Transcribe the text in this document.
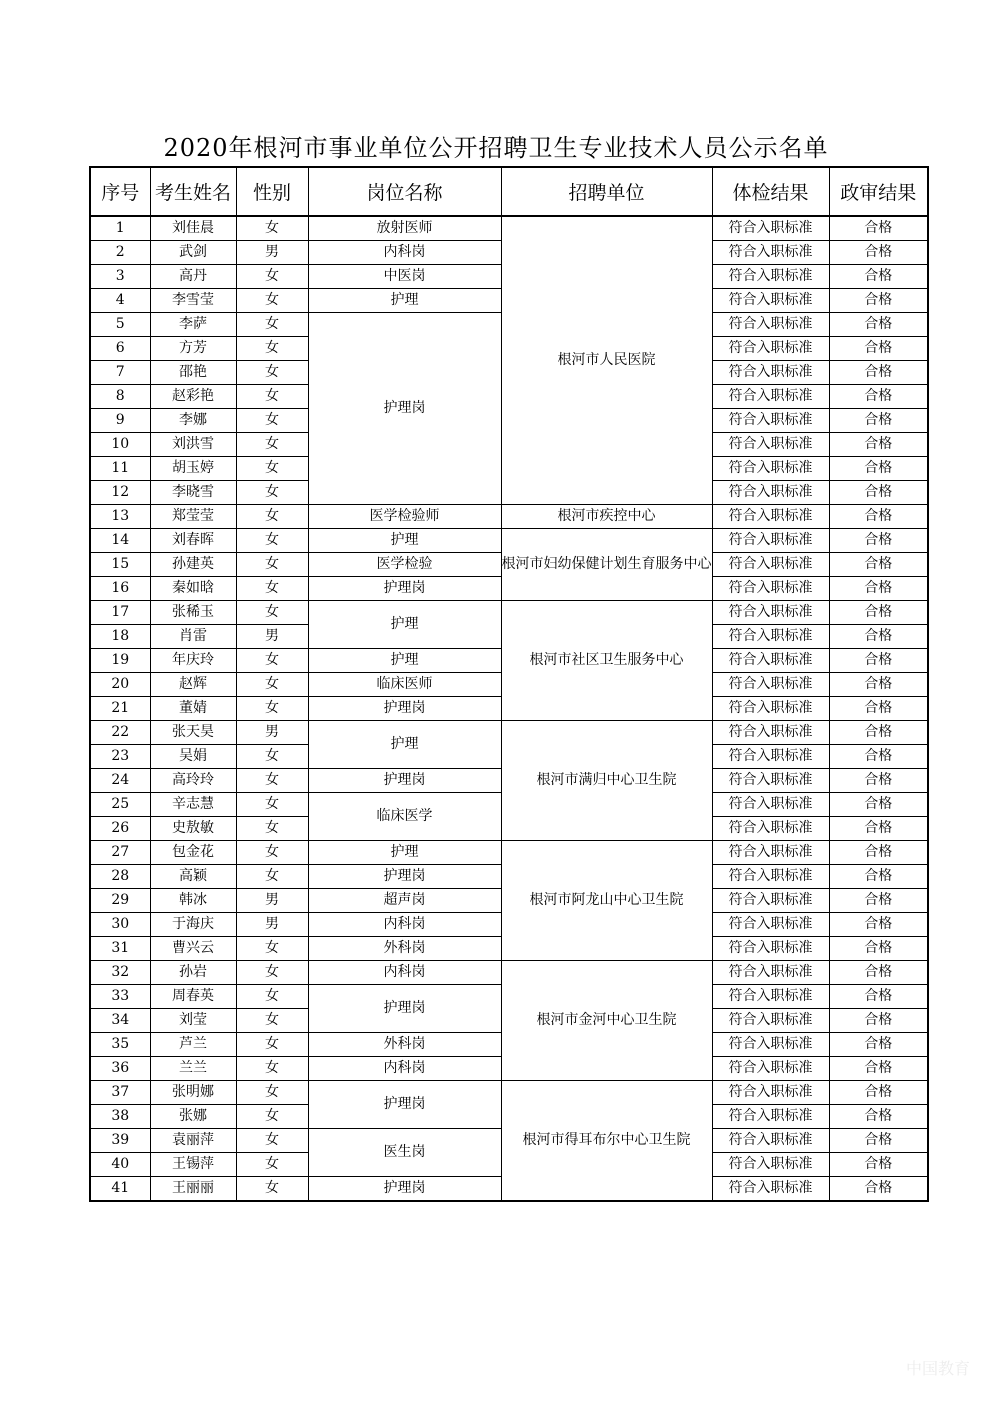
2020年根河市事业单位公开招聘卫生专业技术人员公示名单
序号	考生姓名	性别	岗位名称	招聘单位	体检结果	政审结果
1	刘佳晨	女	放射医师	根河市人民医院	符合入职标准	合格
2	武剑	男	内科岗		符合入职标准	合格
3	高丹	女	中医岗		符合入职标准	合格
4	李雪莹	女	护理		符合入职标准	合格
5	李萨	女	护理岗		符合入职标准	合格
6	方芳	女			符合入职标准	合格
7	邵艳	女			符合入职标准	合格
8	赵彩艳	女			符合入职标准	合格
9	李娜	女			符合入职标准	合格
10	刘洪雪	女			符合入职标准	合格
11	胡玉婷	女			符合入职标准	合格
12	李晓雪	女			符合入职标准	合格
13	郑莹莹	女	医学检验师	根河市疾控中心	符合入职标准	合格
14	刘春晖	女	护理	根河市妇幼保健计划生育服务中心	符合入职标准	合格
15	孙建英	女	医学检验		符合入职标准	合格
16	秦如晗	女	护理岗		符合入职标准	合格
17	张稀玉	女	护理	根河市社区卫生服务中心	符合入职标准	合格
18	肖雷	男			符合入职标准	合格
19	年庆玲	女	护理		符合入职标准	合格
20	赵辉	女	临床医师		符合入职标准	合格
21	董婧	女	护理岗		符合入职标准	合格
22	张天昊	男	护理	根河市满归中心卫生院	符合入职标准	合格
23	吴娟	女			符合入职标准	合格
24	高玲玲	女	护理岗		符合入职标准	合格
25	辛志慧	女	临床医学		符合入职标准	合格
26	史敖敏	女			符合入职标准	合格
27	包金花	女	护理	根河市阿龙山中心卫生院	符合入职标准	合格
28	高颖	女	护理岗		符合入职标准	合格
29	韩冰	男	超声岗		符合入职标准	合格
30	于海庆	男	内科岗		符合入职标准	合格
31	曹兴云	女	外科岗		符合入职标准	合格
32	孙岩	女	内科岗	根河市金河中心卫生院	符合入职标准	合格
33	周春英	女	护理岗		符合入职标准	合格
34	刘莹	女			符合入职标准	合格
35	芦兰	女	外科岗		符合入职标准	合格
36	兰兰	女	内科岗		符合入职标准	合格
37	张明娜	女	护理岗	根河市得耳布尔中心卫生院	符合入职标准	合格
38	张娜	女			符合入职标准	合格
39	袁丽萍	女	医生岗		符合入职标准	合格
40	王锡萍	女			符合入职标准	合格
41	王丽丽	女	护理岗		符合入职标准	合格
中国教育
